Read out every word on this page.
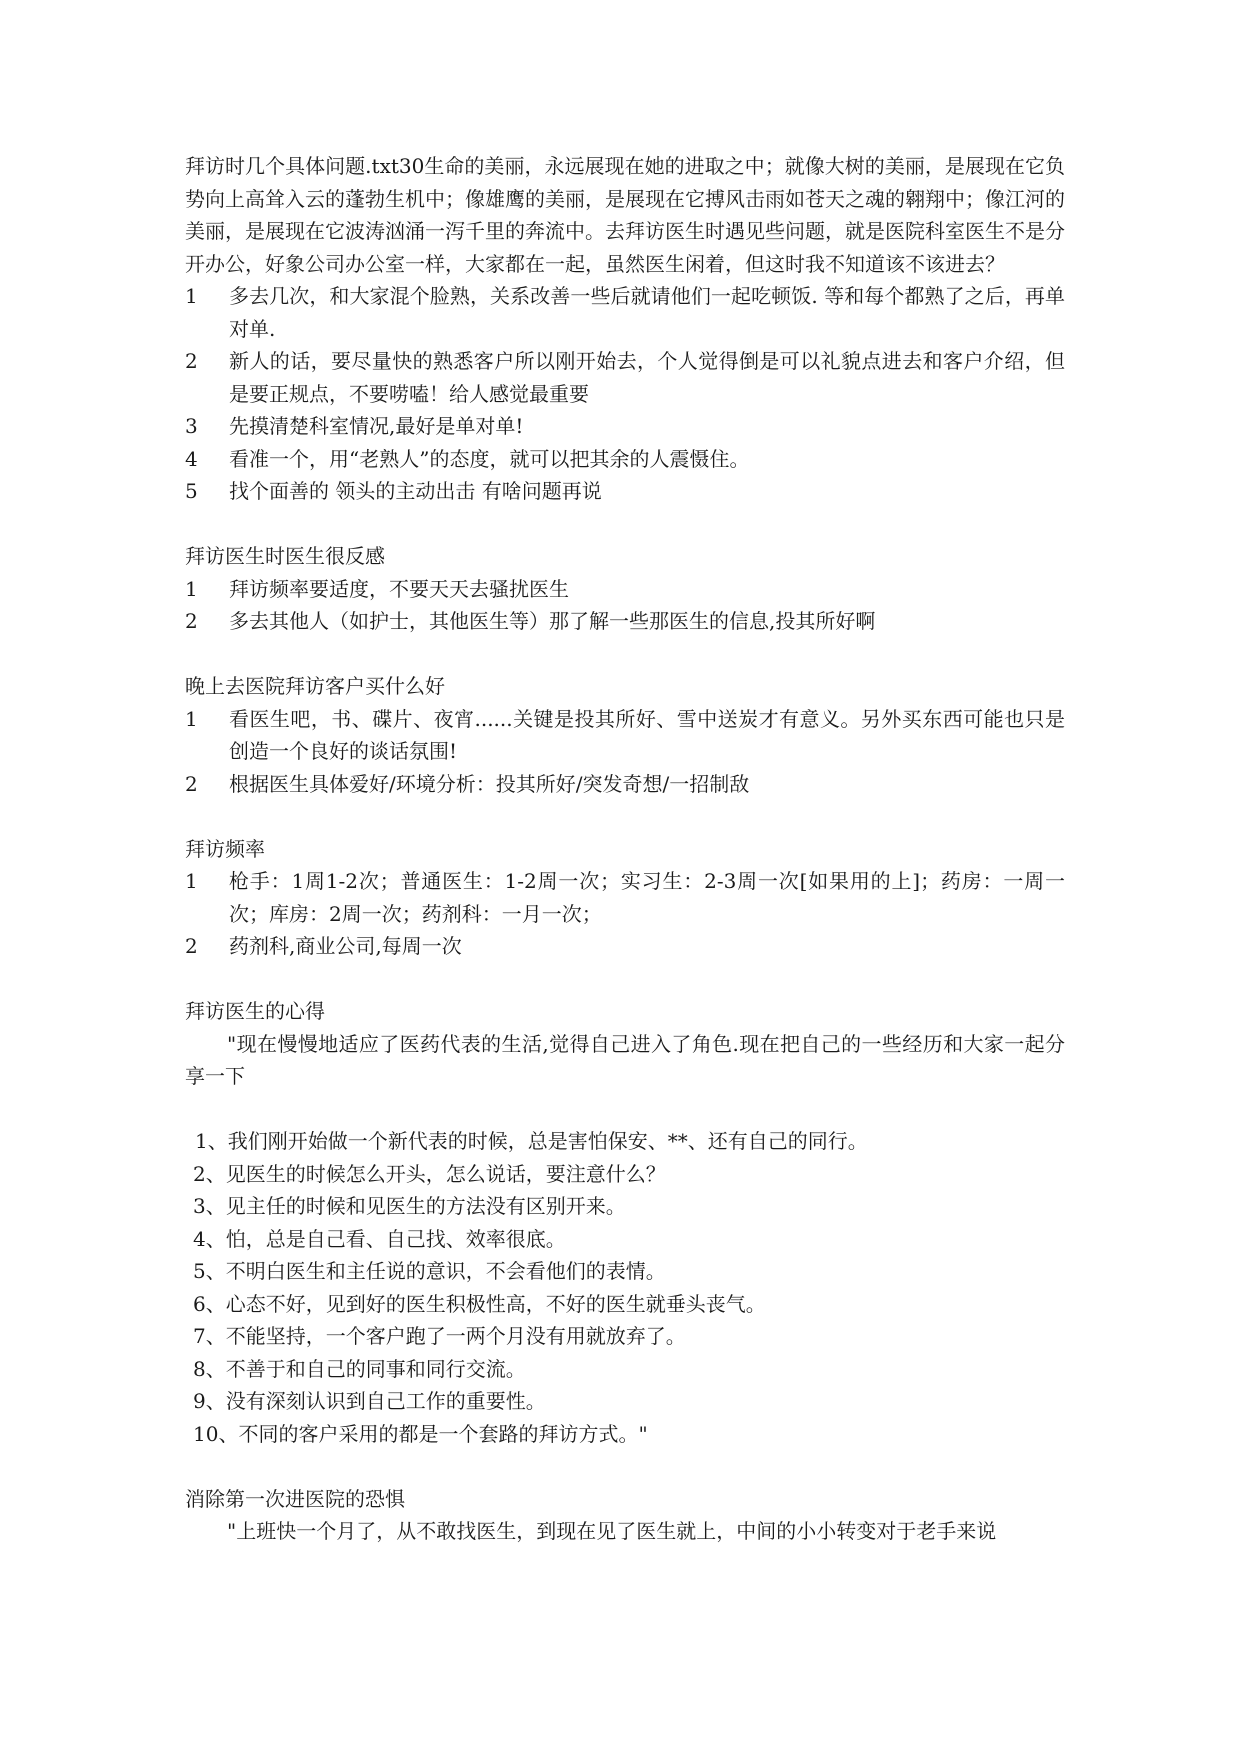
拜访时几个具体问题.txt30生命的美丽，永远展现在她的进取之中；就像大树的美丽，是展现在它负势向上高耸入云的蓬勃生机中；像雄鹰的美丽，是展现在它搏风击雨如苍天之魂的翱翔中；像江河的美丽，是展现在它波涛汹涌一泻千里的奔流中。去拜访医生时遇见些问题，就是医院科室医生不是分开办公，好象公司办公室一样，大家都在一起，虽然医生闲着，但这时我不知道该不该进去？

1	多去几次，和大家混个脸熟，关系改善一些后就请他们一起吃顿饭. 等和每个都熟了之后，再单对单.
2	新人的话，要尽量快的熟悉客户所以刚开始去，个人觉得倒是可以礼貌点进去和客户介绍，但是要正规点，不要唠嗑！给人感觉最重要
3	先摸清楚科室情况,最好是单对单!
4	看准一个，用“老熟人”的态度，就可以把其余的人震慑住。
5	找个面善的 领头的主动出击 有啥问题再说

拜访医生时医生很反感

1	拜访频率要适度，不要天天去骚扰医生
2	多去其他人（如护士，其他医生等）那了解一些那医生的信息,投其所好啊

晚上去医院拜访客户买什么好

1	看医生吧，书、碟片、夜宵......关键是投其所好、雪中送炭才有意义。另外买东西可能也只是创造一个良好的谈话氛围!
2	根据医生具体爱好/环境分析：投其所好/突发奇想/一招制敌

拜访频率

1	枪手：1周1-2次；普通医生：1-2周一次；实习生：2-3周一次[如果用的上]；药房：一周一次；库房：2周一次；药剂科：一月一次；
2	药剂科,商业公司,每周一次

拜访医生的心得

"现在慢慢地适应了医药代表的生活,觉得自己进入了角色.现在把自己的一些经历和大家一起分享一下

1、我们刚开始做一个新代表的时候，总是害怕保安、**、还有自己的同行。

2、见医生的时候怎么开头，怎么说话，要注意什么？

3、见主任的时候和见医生的方法没有区别开来。

4、怕，总是自己看、自己找、效率很底。

5、不明白医生和主任说的意识，不会看他们的表情。

6、心态不好，见到好的医生积极性高，不好的医生就垂头丧气。

7、不能坚持，一个客户跑了一两个月没有用就放弃了。

8、不善于和自己的同事和同行交流。

9、没有深刻认识到自己工作的重要性。

10、不同的客户采用的都是一个套路的拜访方式。"

消除第一次进医院的恐惧

"上班快一个月了，从不敢找医生，到现在见了医生就上，中间的小小转变对于老手来说
